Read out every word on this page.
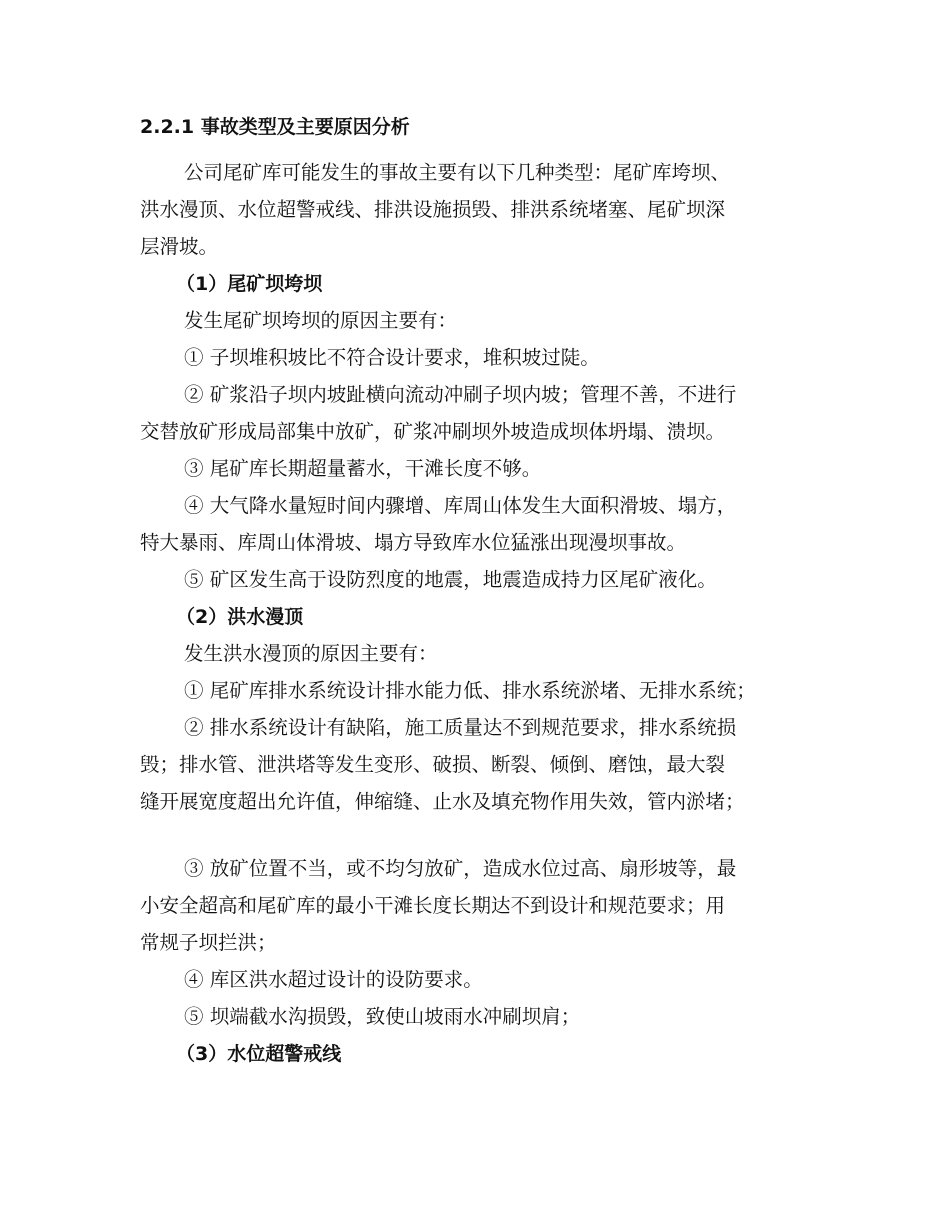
2.2.1 事故类型及主要原因分析
公司尾矿库可能发生的事故主要有以下几种类型：尾矿库垮坝、
洪水漫顶、水位超警戒线、排洪设施损毁、排洪系统堵塞、尾矿坝深
层滑坡。
（1）尾矿坝垮坝
发生尾矿坝垮坝的原因主要有：
① 子坝堆积坡比不符合设计要求，堆积坡过陡。
② 矿浆沿子坝内坡趾横向流动冲刷子坝内坡；管理不善，不进行
交替放矿形成局部集中放矿，矿浆冲刷坝外坡造成坝体坍塌、溃坝。
③ 尾矿库长期超量蓄水，干滩长度不够。
④ 大气降水量短时间内骤增、库周山体发生大面积滑坡、塌方，
特大暴雨、库周山体滑坡、塌方导致库水位猛涨出现漫坝事故。
⑤ 矿区发生高于设防烈度的地震，地震造成持力区尾矿液化。
（2）洪水漫顶
发生洪水漫顶的原因主要有：
① 尾矿库排水系统设计排水能力低、排水系统淤堵、无排水系统；
② 排水系统设计有缺陷，施工质量达不到规范要求，排水系统损
毁；排水管、泄洪塔等发生变形、破损、断裂、倾倒、磨蚀，最大裂
缝开展宽度超出允许值，伸缩缝、止水及填充物作用失效，管内淤堵；
③ 放矿位置不当，或不均匀放矿，造成水位过高、扇形坡等，最
小安全超高和尾矿库的最小干滩长度长期达不到设计和规范要求；用
常规子坝拦洪；
④ 库区洪水超过设计的设防要求。
⑤ 坝端截水沟损毁，致使山坡雨水冲刷坝肩；
（3）水位超警戒线
